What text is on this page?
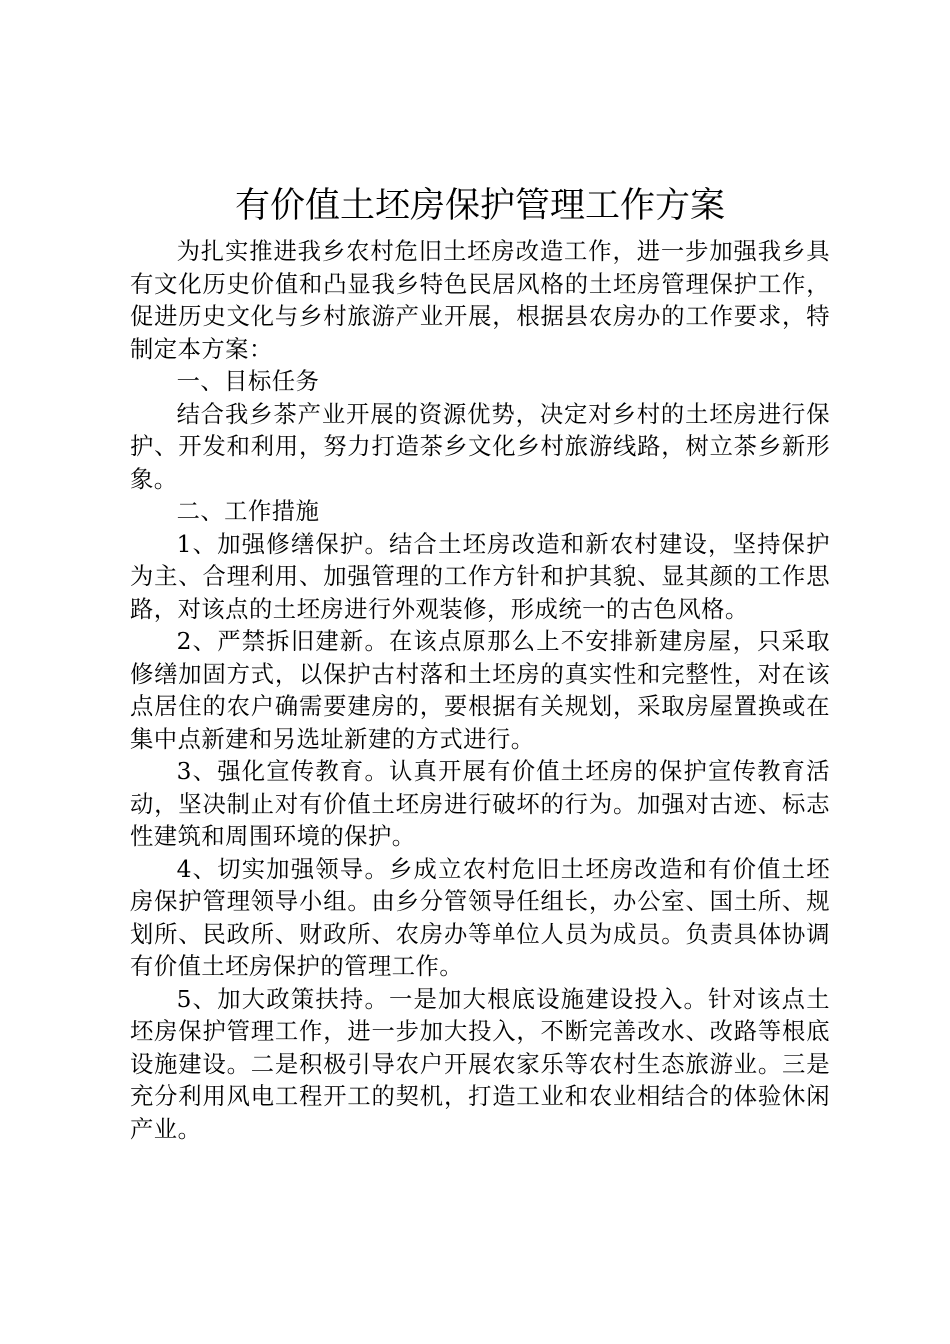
有价值土坯房保护管理工作方案

为扎实推进我乡农村危旧土坯房改造工作，进一步加强我乡具有文化历史价值和凸显我乡特色民居风格的土坯房管理保护工作，促进历史文化与乡村旅游产业开展，根据县农房办的工作要求，特制定本方案：

一、目标任务

结合我乡茶产业开展的资源优势，决定对乡村的土坯房进行保护、开发和利用，努力打造茶乡文化乡村旅游线路，树立茶乡新形象。

二、工作措施

1、加强修缮保护。结合土坯房改造和新农村建设，坚持保护为主、合理利用、加强管理的工作方针和护其貌、显其颜的工作思路，对该点的土坯房进行外观装修，形成统一的古色风格。

2、严禁拆旧建新。在该点原那么上不安排新建房屋，只采取修缮加固方式，以保护古村落和土坯房的真实性和完整性，对在该点居住的农户确需要建房的，要根据有关规划，采取房屋置换或在集中点新建和另选址新建的方式进行。

3、强化宣传教育。认真开展有价值土坯房的保护宣传教育活动，坚决制止对有价值土坯房进行破坏的行为。加强对古迹、标志性建筑和周围环境的保护。

4、切实加强领导。乡成立农村危旧土坯房改造和有价值土坯房保护管理领导小组。由乡分管领导任组长，办公室、国土所、规划所、民政所、财政所、农房办等单位人员为成员。负责具体协调有价值土坯房保护的管理工作。

5、加大政策扶持。一是加大根底设施建设投入。针对该点土坯房保护管理工作，进一步加大投入，不断完善改水、改路等根底设施建设。二是积极引导农户开展农家乐等农村生态旅游业。三是充分利用风电工程开工的契机，打造工业和农业相结合的体验休闲产业。
